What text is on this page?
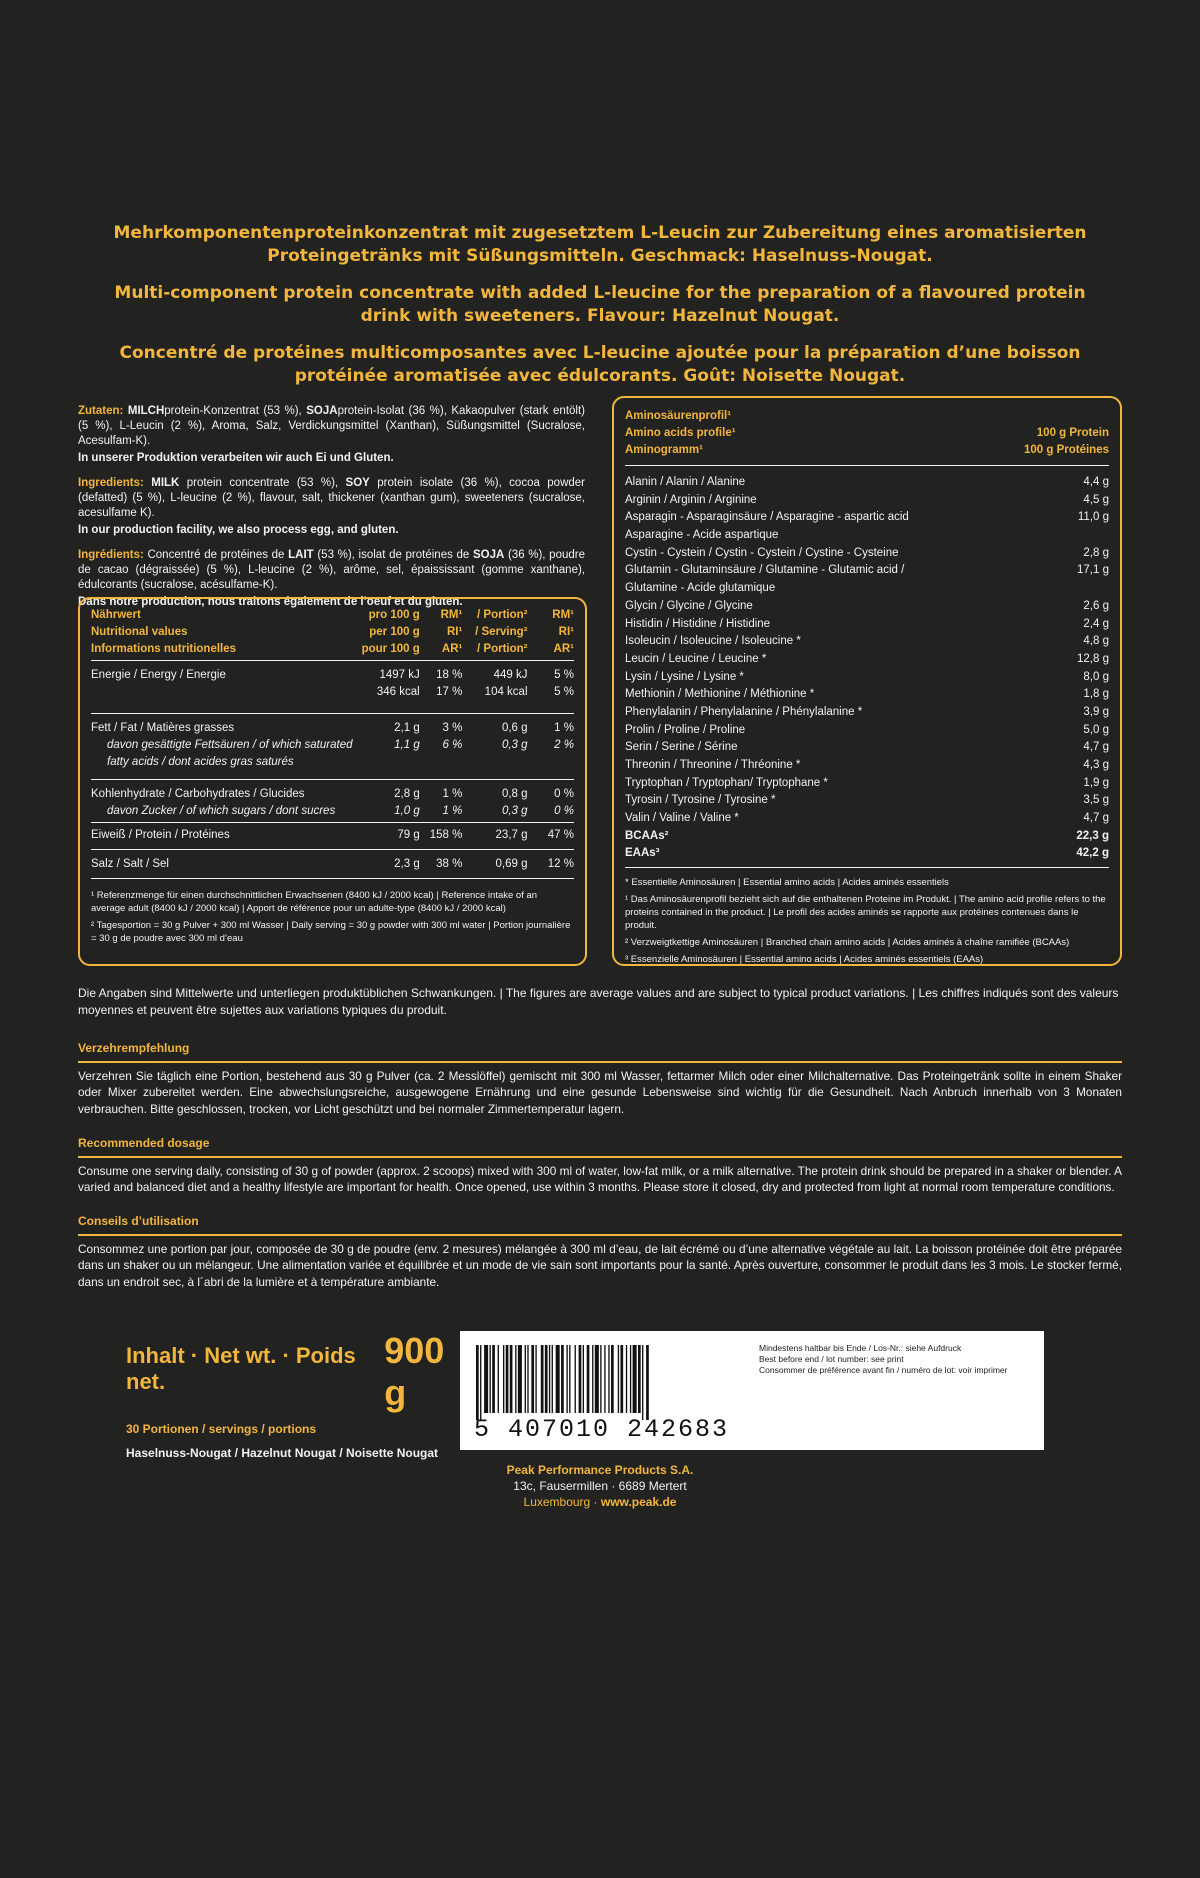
Mehrkomponentenproteinkonzentrat mit zugesetztem L-Leucin zur Zubereitung eines aromatisierten Proteingetränks mit Süßungsmitteln. Geschmack: Haselnuss-Nougat.

Multi-component protein concentrate with added L-leucine for the preparation of a flavoured protein drink with sweeteners. Flavour: Hazelnut Nougat.

Concentré de protéines multicomposantes avec L-leucine ajoutée pour la préparation d’une boisson protéinée aromatisée avec édulcorants. Goût: Noisette Nougat.

Zutaten: MILCHprotein-Konzentrat (53 %), SOJAprotein-Isolat (36 %), Kakaopulver (stark entölt) (5 %), L-Leucin (2 %), Aroma, Salz, Verdickungsmittel (Xanthan), Süßungsmittel (Sucralose, Acesulfam-K).
In unserer Produktion verarbeiten wir auch Ei und Gluten.
Ingredients: MILK protein concentrate (53 %), SOY protein isolate (36 %), cocoa powder (defatted) (5 %), L-leucine (2 %), flavour, salt, thickener (xanthan gum), sweeteners (sucralose, acesulfame K).
In our production facility, we also process egg, and gluten.
Ingrédients: Concentré de protéines de LAIT (53 %), isolat de protéines de SOJA (36 %), poudre de cacao (dégraissée) (5 %), L-leucine (2 %), arôme, sel, épaississant (gomme xanthane), édulcorants (sucralose, acésulfame-K).
Dans notre production, nous traitons également de l’oeuf et du gluten.
Nährwert	pro 100 g	RM¹	/ Portion²	RM¹
Nutritional values	per 100 g	RI¹	/ Serving²	RI¹
Informations nutritionelles	pour 100 g	AR¹	/ Portion²	AR¹
Energie / Energy / Energie	1497 kJ	18 %	449 kJ	5 %
	346 kcal	17 %	104 kcal	5 %

Fett / Fat / Matières grasses	2,1 g	3 %	0,6 g	1 %
davon gesättigte Fettsäuren / of which saturated	1,1 g	6 %	0,3 g	2 %
fatty acids / dont acides gras saturés				

Kohlenhydrate / Carbohydrates / Glucides	2,8 g	1 %	0,8 g	0 %
davon Zucker / of which sugars / dont sucres	1,0 g	1 %	0,3 g	0 %
Eiweiß / Protein / Protéines	79 g	158 %	23,7 g	47 %
Salz / Salt / Sel	2,3 g	38 %	0,69 g	12 %

¹ Referenzmenge für einen durchschnittlichen Erwachsenen (8400 kJ / 2000 kcal) | Reference intake of an average adult (8400 kJ / 2000 kcal) | Apport de référence pour un adulte-type (8400 kJ / 2000 kcal)
² Tagesportion = 30 g Pulver + 300 ml Wasser | Daily serving = 30 g powder with 300 ml water | Portion journalière = 30 g de poudre avec 300 ml d’eau
Aminosäurenprofil¹
Amino acids profile¹	100 g Protein
Aminogramm¹	100 g Protéines
Alanin / Alanin / Alanine	4,4 g
Arginin / Arginin / Arginine	4,5 g
Asparagin - Asparaginsäure / Asparagine - aspartic acid	11,0 g
Asparagine - Acide aspartique
Cystin - Cystein / Cystin - Cystein / Cystine - Cysteine	2,8 g
Glutamin - Glutaminsäure / Glutamine - Glutamic acid /	17,1 g
Glutamine - Acide glutamique
Glycin / Glycine / Glycine	2,6 g
Histidin / Histidine / Histidine	2,4 g
Isoleucin / Isoleucine / Isoleucine *	4,8 g
Leucin / Leucine / Leucine *	12,8 g
Lysin / Lysine / Lysine *	8,0 g
Methionin / Methionine / Méthionine *	1,8 g
Phenylalanin / Phenylalanine / Phénylalanine *	3,9 g
Prolin / Proline / Proline	5,0 g
Serin / Serine / Sérine	4,7 g
Threonin / Threonine / Thréonine *	4,3 g
Tryptophan / Tryptophan/ Tryptophane *	1,9 g
Tyrosin / Tyrosine / Tyrosine *	3,5 g
Valin / Valine / Valine *	4,7 g
BCAAs²	22,3 g
EAAs³	42,2 g
* Essentielle Aminosäuren | Essential amino acids | Acides aminés essentiels
¹ Das Aminosäurenprofil bezieht sich auf die enthaltenen Proteine im Produkt. | The amino acid profile refers to the proteins contained in the product. | Le profil des acides aminés se rapporte aux protéines contenues dans le produit.
² Verzweigtkettige Aminosäuren | Branched chain amino acids | Acides aminés à chaîne ramifiée (BCAAs)
³ Essenzielle Aminosäuren | Essential amino acids | Acides aminés essentiels (EAAs)
Die Angaben sind Mittelwerte und unterliegen produktüblichen Schwankungen. | The figures are average values and are subject to typical product variations. | Les chiffres indiqués sont des valeurs moyennes et peuvent être sujettes aux variations typiques du produit.
Verzehrempfehlung

Verzehren Sie täglich eine Portion, bestehend aus 30 g Pulver (ca. 2 Messlöffel) gemischt mit 300 ml Wasser, fettarmer Milch oder einer Milchalternative. Das Proteingetränk sollte in einem Shaker oder Mixer zubereitet werden. Eine abwechslungsreiche, ausgewogene Ernährung und eine gesunde Lebensweise sind wichtig für die Gesundheit. Nach Anbruch innerhalb von 3 Monaten verbrauchen. Bitte geschlossen, trocken, vor Licht geschützt und bei normaler Zimmertemperatur lagern.

Recommended dosage

Consume one serving daily, consisting of 30 g of powder (approx. 2 scoops) mixed with 300 ml of water, low-fat milk, or a milk alternative. The protein drink should be prepared in a shaker or blender. A varied and balanced diet and a healthy lifestyle are important for health. Once opened, use within 3 months. Please store it closed, dry and protected from light at normal room temperature conditions.

Conseils d’utilisation

Consommez une portion par jour, composée de 30 g de poudre (env. 2 mesures) mélangée à 300 ml d’eau, de lait écrémé ou d’une alternative végétale au lait. La boisson protéinée doit être préparée dans un shaker ou un mélangeur. Une alimentation variée et équilibrée et un mode de vie sain sont importants pour la santé. Après ouverture, consommer le produit dans les 3 mois. Le stocker fermé, dans un endroit sec, à l´abri de la lumière et à température ambiante.

Inhalt · Net wt. · Poids net.
900 g
30 Portionen / servings / portions
Haselnuss-Nougat / Hazelnut Nougat / Noisette Nougat
5 407010 242683
Mindestens haltbar bis Ende / Los-Nr.: siehe Aufdruck
Best before end / lot number: see print
Consommer de préférence avant fin / numéro de lot: voir imprimer
Peak Performance Products S.A.
13c, Fausermillen · 6689 Mertert
Luxembourg · www.peak.de
